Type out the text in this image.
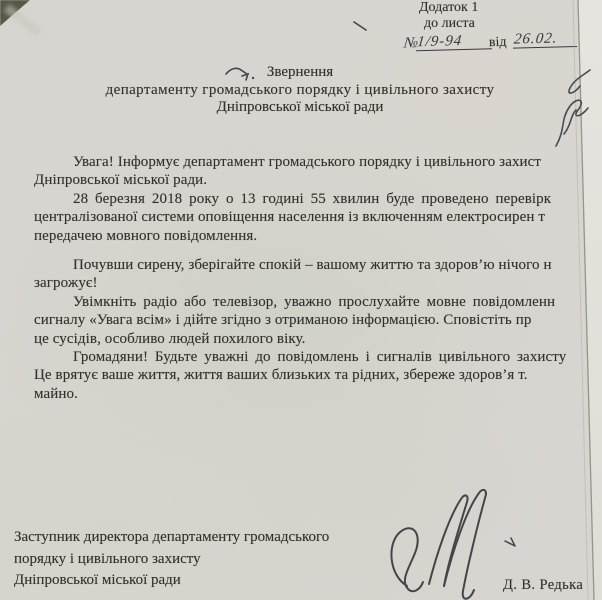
Додаток 1
до листа
№
1/9-94	від 26.02.
Звернення
департаменту громадського порядку і цивільного захисту
Дніпровської міської ради
Увага! Інформує департамент громадського порядку і цивільного захист
Дніпровської міської ради.
28 березня 2018 року о 13 годині 55 хвилин буде проведено перевірк
централізованої системи оповіщення населення із включенням електросирен т
передачею мовного повідомлення.
Почувши сирену, зберігайте спокій – вашому життю та здоров’ю нічого н
загрожує!
Увімкніть радіо або телевізор, уважно прослухайте мовне повідомленн
сигналу «Увага всім» і дійте згідно з отриманою інформацією. Сповістіть пр
це сусідів, особливо людей похилого віку.
Громадяни! Будьте уважні до повідомлень і сигналів цивільного захисту
Це врятує ваше життя, життя ваших близьких та рідних, збереже здоров’я т.
майно.
Заступник директора департаменту громадського
порядку і цивільного захисту
Дніпровської міської ради	Д. В. Редька
